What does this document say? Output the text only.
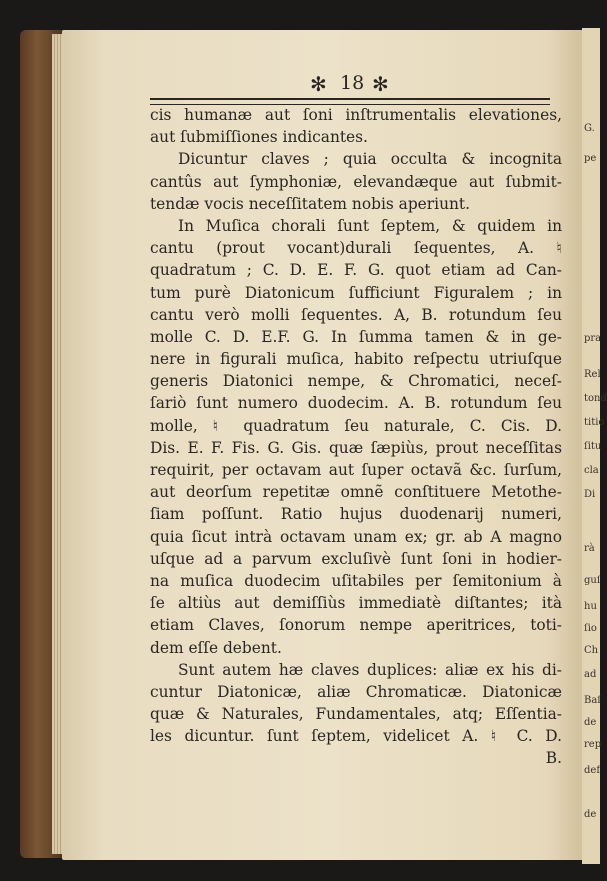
G.
pe
pra
Rel
tond
titio
ſitu
cla
Di
rà
guſ
hu
ſio
Ch
ad
Baſ
de
rep
def
de
✻ 18 ✻
cis humanæ aut ſoni inſtrumentalis elevationes,
aut ſubmiſſiones indicantes.
Dicuntur claves ; quia occulta & incognita
cantûs aut ſymphoniæ, elevandæque aut ſubmit-
tendæ vocis neceſſitatem nobis aperiunt.
In Muſica chorali ſunt ſeptem, & quidem in
cantu (prout vocant)durali ſequentes, A. ♮
quadratum ; C. D. E. F. G. quot etiam ad Can-
tum purè Diatonicum ſufficiunt Figuralem ; in
cantu verò molli ſequentes. A, B. rotundum ſeu
molle C. D. E.F. G. In ſumma tamen & in ge-
nere in figurali muſica, habito reſpectu utriuſque
generis Diatonici nempe, & Chromatici, neceſ-
ſariò ſunt numero duodecim. A. B. rotundum ſeu
molle, ♮ quadratum ſeu naturale, C. Cis. D.
Dis. E. F. Fis. G. Gis. quæ ſæpiùs, prout neceſſitas
requirit, per octavam aut ſuper octavã &c. ſurſum,
aut deorſum repetitæ omnẽ conſtituere Metothe-
ſiam poſſunt. Ratio hujus duodenarij numeri,
quia ſicut intrà octavam unam ex; gr. ab A magno
uſque ad a parvum excluſivè ſunt ſoni in hodier-
na muſica duodecim uſitabiles per ſemitonium à
ſe altiùs aut demiſſiùs immediatè diſtantes; ità
etiam Claves, ſonorum nempe aperitrices, toti-
dem eſſe debent.
Sunt autem hæ claves duplices: aliæ ex his di-
cuntur Diatonicæ, aliæ Chromaticæ. Diatonicæ
quæ & Naturales, Fundamentales, atq; Eſſentia-
les dicuntur. ſunt ſeptem, videlicet A. ♮ C. D.
B.
